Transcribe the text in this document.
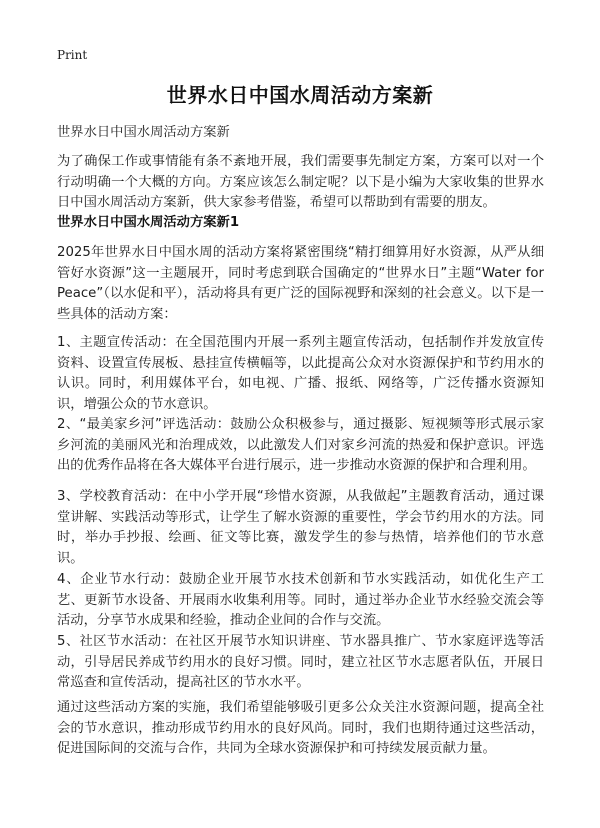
Print
世界水日中国水周活动方案新

世界水日中国水周活动方案新

为了确保工作或事情能有条不紊地开展，我们需要事先制定方案，方案可以对一个行动明确一个大概的方向。方案应该怎么制定呢？以下是小编为大家收集的世界水日中国水周活动方案新，供大家参考借鉴，希望可以帮助到有需要的朋友。

世界水日中国水周活动方案新1

2025年世界水日中国水周的活动方案将紧密围绕“精打细算用好水资源，从严从细管好水资源”这一主题展开，同时考虑到联合国确定的“世界水日”主题“Water for Peace”（以水促和平），活动将具有更广泛的国际视野和深刻的社会意义。以下是一些具体的活动方案：

1、主题宣传活动：在全国范围内开展一系列主题宣传活动，包括制作并发放宣传资料、设置宣传展板、悬挂宣传横幅等，以此提高公众对水资源保护和节约用水的认识。同时，利用媒体平台，如电视、广播、报纸、网络等，广泛传播水资源知识，增强公众的节水意识。

2、“最美家乡河”评选活动：鼓励公众积极参与，通过摄影、短视频等形式展示家乡河流的美丽风光和治理成效，以此激发人们对家乡河流的热爱和保护意识。评选出的优秀作品将在各大媒体平台进行展示，进一步推动水资源的保护和合理利用。

3、学校教育活动：在中小学开展“珍惜水资源，从我做起”主题教育活动，通过课堂讲解、实践活动等形式，让学生了解水资源的重要性，学会节约用水的方法。同时，举办手抄报、绘画、征文等比赛，激发学生的参与热情，培养他们的节水意识。

4、企业节水行动：鼓励企业开展节水技术创新和节水实践活动，如优化生产工艺、更新节水设备、开展雨水收集利用等。同时，通过举办企业节水经验交流会等活动，分享节水成果和经验，推动企业间的合作与交流。

5、社区节水活动：在社区开展节水知识讲座、节水器具推广、节水家庭评选等活动，引导居民养成节约用水的良好习惯。同时，建立社区节水志愿者队伍，开展日常巡查和宣传活动，提高社区的节水水平。

通过这些活动方案的实施，我们希望能够吸引更多公众关注水资源问题，提高全社会的节水意识，推动形成节约用水的良好风尚。同时，我们也期待通过这些活动，促进国际间的交流与合作，共同为全球水资源保护和可持续发展贡献力量。
